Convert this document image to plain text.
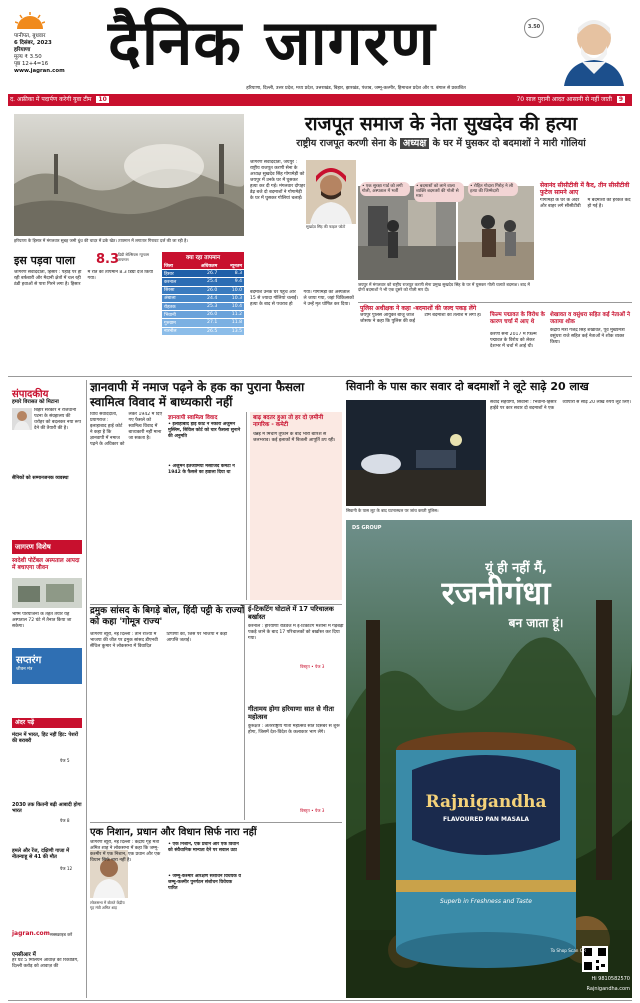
पानीपत, बुधवार
6 दिसंबर, 2023
हरियाणा
मूल्य ₹ 3.50
पृष्ठ 12+4=16
www.jagran.com दैनिक जागरण
हरियाणा, दिल्ली, उत्तर प्रदेश, मध्य प्रदेश, उत्तराखंड, बिहार, झारखंड, पंजाब, जम्मू-कश्मीर, हिमाचल प्रदेश और प. बंगाल से प्रकाशित
3.50
द. अफ्रीका में पदार्पण करेगी युवा टीम 10	70 साल पुरानी आदत आसानी से नहीं जाती 9
हरियाणा के हिसार में मंगलवार सुबह जमी धुंध की चादर में ढके खेत। तापमान में लगातार गिरावट दर्ज की जा रही है।
इस पड़वा पाला	8.3
डिग्री सेल्सियस न्यूनतम तापमान
जागरण संवाददाता, हिसार : पहाड़ पर हो रही बर्फबारी और मैदानी क्षेत्रों में चल रही ठंडी हवाओं से पारा गिरने लगा है। हिसार में रात का तापमान 8.3 डिग्री दर्ज किया गया।
क्या रहा तापमान
जिला	अधिकतम	न्यूनतम
हिसार	26.7	8.3
करनाल	25.4	9.4
सिरसा	26.0	10.0
अंबाला	24.4	10.3
रोहतक	25.3	10.4
भिवानी	26.0	11.2
गुरुग्राम	27.1	11.8
नारनौल	26.5	13.5
राजपूत समाज के नेता सुखदेव की हत्या
राष्ट्रीय राजपूत करणी सेना के अध्यक्ष के घर में घुसकर दो बदमाशों ने मारी गोलियां
जागरण संवाददाता, जयपुर : राष्ट्रीय राजपूत करणी सेना के अध्यक्ष सुखदेव सिंह गोगामेड़ी को जयपुर में उनके घर में घुसकर हत्या कर दी गई। मंगलवार दोपहर डेढ़ बजे दो बदमाशों ने गोगामेड़ी के घर में घुसकर गोलियां चलाईं।
सुखदेव सिंह की फाइल फोटो
• एक सुरक्षा गार्ड को लगी गोली, अस्पताल में भर्ती
• बदमाशों को लाने वाला व्यक्ति बदमाशों की गोली से मारा
• रोहित गोदारा गिरोह ने ली हत्या की जिम्मेदारी
जयपुर में मंगलवार को राष्ट्रीय राजपूत करणी सेना प्रमुख सुखदेव सिंह के घर में घुसकर गोली चलाते बदमाश। बाद में दोनों बदमाशों ने भी एक दूसरे को गोली मार दी।
सेवानंद सीसीटीवी में कैद, तीन सीसीटीवी फुटेज सामने आए
गोगामेड़ी के घर के अंदर और बाहर लगे सीसीटीवी में बदमाशों की हरकत कैद हो गई है।
पुलिस अधीक्षक ने कहा -बदमाशों की जल्द पकड़ लेंगे
जयपुर पुलिस आयुक्त बीजू जॉर्ज जोसफ ने कहा कि पुलिस की कई टीमें बदमाशों की तलाश में लगी हैं।	फिल्म पद्मावत के विरोध के कारण चर्चा में आए थे
करणी सेना 2017 में फिल्म पद्मावत के विरोध को लेकर देशभर में चर्चा में आई थी।
शेखावत व वसुंधरा सहित कई नेताओं ने जताया शोक
केंद्रीय मंत्री गजेंद्र सिंह शेखावत, पूर्व मुख्यमंत्री वसुंधरा राजे सहित कई नेताओं ने शोक व्यक्त किया।
बदमाश उनके घर पहुंचे और 15 से ज्यादा गोलियां चलाईं। हत्या के बाद से पथराव हो गया। गोगामेड़ी को अस्पताल ले जाया गया, जहां चिकित्सकों ने उन्हें मृत घोषित कर दिया।
संपादकीय
हमारे विरासत को मिटाना
बिहार सरकार ने राजधानी पटना के संग्रहालय की धरोहर को बदलकर नया रूप देने की तैयारी की है।
सैनिकों को सम्मानजनक व्यवस्था
जागरण विशेष
स्वदेशी पोर्टेबल अस्पताल आपदा में बचाएगा जीवन
भीष्म परियोजना के तहत तैयार यह अस्पताल 72 घंटे में तैनात किया जा सकेगा।
सप्तरंग
जीवन मंत्र
अंदर पढ़ें
मंदान में भारत, हिट नहीं हिट: पेशरों की बराबरी
पेज 5
2030 तक कितनी बढ़ी आबादी होगा भारत
पेज 8
हमले और रेंज, दक्षिणी गाजा में नीतन्याहू से 41 की मौत
पेज 12
jagran.com सब्सक्राइब करें
एनसीआर में
हर घंटे 5 मिलियन आवाज़ की रिकॉर्डिंग, दिल्ली करोड़ को आवाज़ की
ज्ञानवापी में नमाज पढ़ने के हक का पुराना फैसला स्वामित्व विवाद में बाध्यकारी नहीं
विधि संवाददाता, प्रयागराज : इलाहाबाद हाई कोर्ट ने कहा है कि ज्ञानवापी में नमाज पढ़ने के अधिकार को लेकर 1942 में दिए गए फैसले को स्वामित्व विवाद में बाध्यकारी नहीं माना जा सकता है।
ज्ञानवापी स्वामित्व विवाद
• इलाहाबाद हाई कोर्ट ने नकारा अंजुमन मुस्लिम, सिविल कोर्ट को चार फैसला सुनाने की अनुमति
• अंजुमन इंतजामिया मसाजिद कमेटी ने 1942 के फैसले का हवाला दिया था
बाढ़ बदतर हुआ तो हर दो ज़मीनी नागरिक - कमेटी
चेन्नई में मिचौंग तूफान के बाद भारी बारिश से जलभराव। कई इलाकों में बिजली आपूर्ति ठप रही।
द्रमुक सांसद के बिगड़े बोल, हिंदी पट्टी के राज्यों को कहा 'गोमूत्र राज्य'
जागरण ब्यूरो, नई दिल्ली : तीन राज्यों में भाजपा की जीत पर द्रमुक सांसद डीएनवी सेंथिल कुमार ने लोकसभा में विवादित टिप्पणी की, जिस पर भाजपा ने कड़ी आपत्ति जताई।
ई-टिकटिंग घोटाले में 17 परिचालक बर्खास्त
करनाल : हरियाणा रोडवेज में ई-टिकटिंग मशीनों में गड़बड़ी पकड़े जाने के बाद 17 परिचालकों को बर्खास्त कर दिया गया।
विस्तृत • पेज 3
गीतामय होगा हरियाणा सात से गीता महोत्सव
कुरुक्षेत्र : अंतरराष्ट्रीय गीता महोत्सव सात दिसंबर से शुरू होगा, जिसमें देश-विदेश के कलाकार भाग लेंगे।
विस्तृत • पेज 3
एक निशान, प्रधान और विधान सिर्फ नारा नहीं
लोकसभा में बोलते केंद्रीय गृह मंत्री अमित शाह
जागरण ब्यूरो, नई दिल्ली : केंद्रीय गृह मंत्री अमित शाह ने लोकसभा में कहा कि जम्मू-कश्मीर में एक निशान, एक प्रधान और एक विधान सिर्फ नारा नहीं है।
• एक निशान, एक प्रधान और एक विधान को संवैधानिक मान्यता देने पर सवाल उठा
• जम्मू-कश्मीर आरक्षण संशोधन विधेयक व जम्मू-कश्मीर पुनर्गठन संशोधन विधेयक पारित
सिवानी के पास कार सवार दो बदमाशों ने लूटे साढ़े 20 लाख
सिवानी के पास लूट के बाद घटनास्थल पर जांच करती पुलिस।
संवाद सहयोगी, सिवानी : भिवानी-हिसार हाईवे पर कार सवार दो बदमाशों ने एक व्यापारी से साढ़े 20 लाख रुपये लूट लिए।
DS GROUP
यूं ही नहीं मैं,
रजनीगंधा
बन जाता हूं।
Rajnigandha
FLAVOURED PAN MASALA
Superb in Freshness and Taste
To Shop Scan QR
Hi 9810582570
Rajnigandha.com
